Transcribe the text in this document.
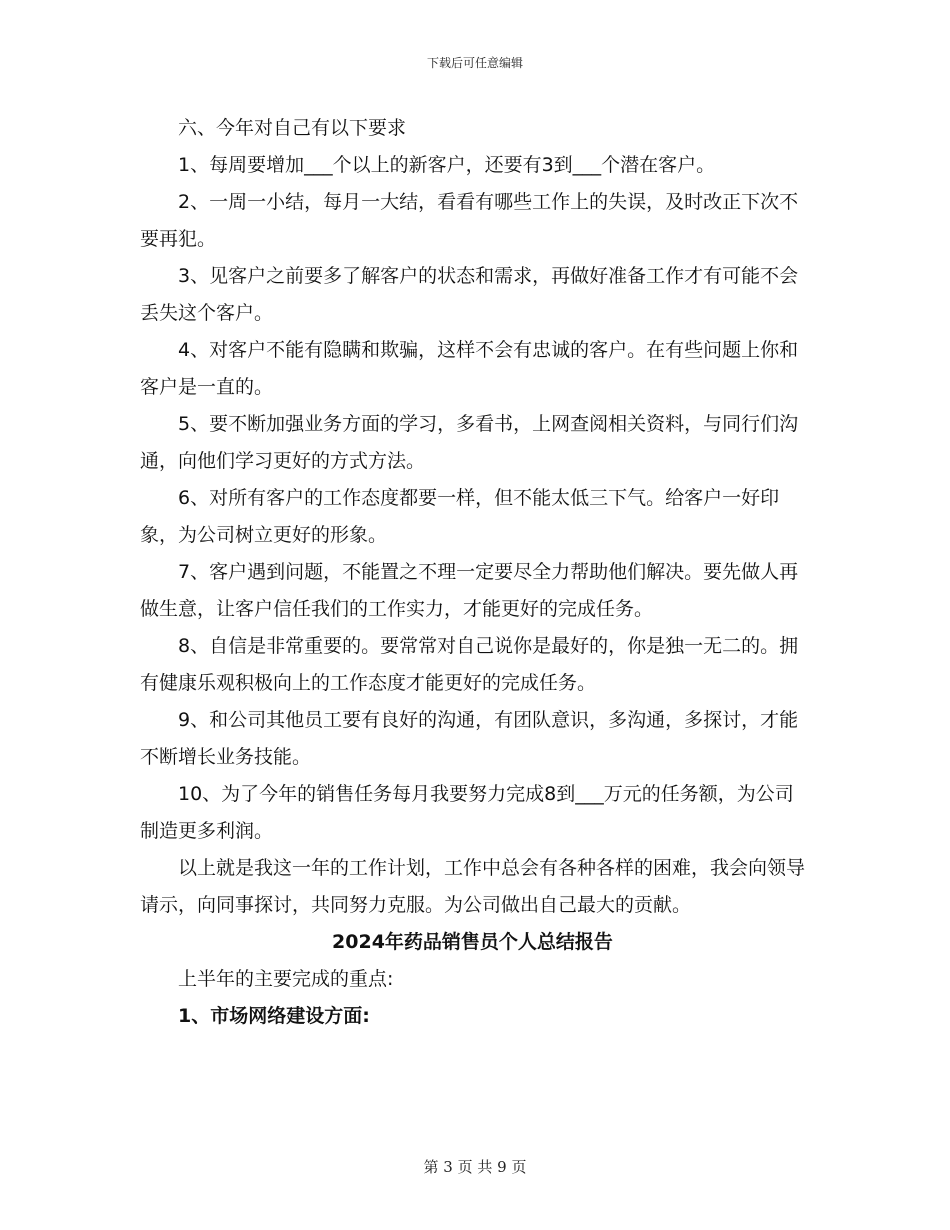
下载后可任意编辑

六、今年对自己有以下要求

1、每周要增加___个以上的新客户，还要有3到___个潜在客户。

2、一周一小结，每月一大结，看看有哪些工作上的失误，及时改正下次不要再犯。

3、见客户之前要多了解客户的状态和需求，再做好准备工作才有可能不会丢失这个客户。

4、对客户不能有隐瞒和欺骗，这样不会有忠诚的客户。在有些问题上你和客户是一直的。

5、要不断加强业务方面的学习，多看书，上网查阅相关资料，与同行们沟通，向他们学习更好的方式方法。

6、对所有客户的工作态度都要一样，但不能太低三下气。给客户一好印象，为公司树立更好的形象。

7、客户遇到问题，不能置之不理一定要尽全力帮助他们解决。要先做人再做生意，让客户信任我们的工作实力，才能更好的完成任务。

8、自信是非常重要的。要常常对自己说你是最好的，你是独一无二的。拥有健康乐观积极向上的工作态度才能更好的完成任务。

9、和公司其他员工要有良好的沟通，有团队意识，多沟通，多探讨，才能不断增长业务技能。

10、为了今年的销售任务每月我要努力完成8到___万元的任务额，为公司制造更多利润。

以上就是我这一年的工作计划，工作中总会有各种各样的困难，我会向领导请示，向同事探讨，共同努力克服。为公司做出自己最大的贡献。

2024年药品销售员个人总结报告

上半年的主要完成的重点:

1、市场网络建设方面:

第 3 页 共 9 页
